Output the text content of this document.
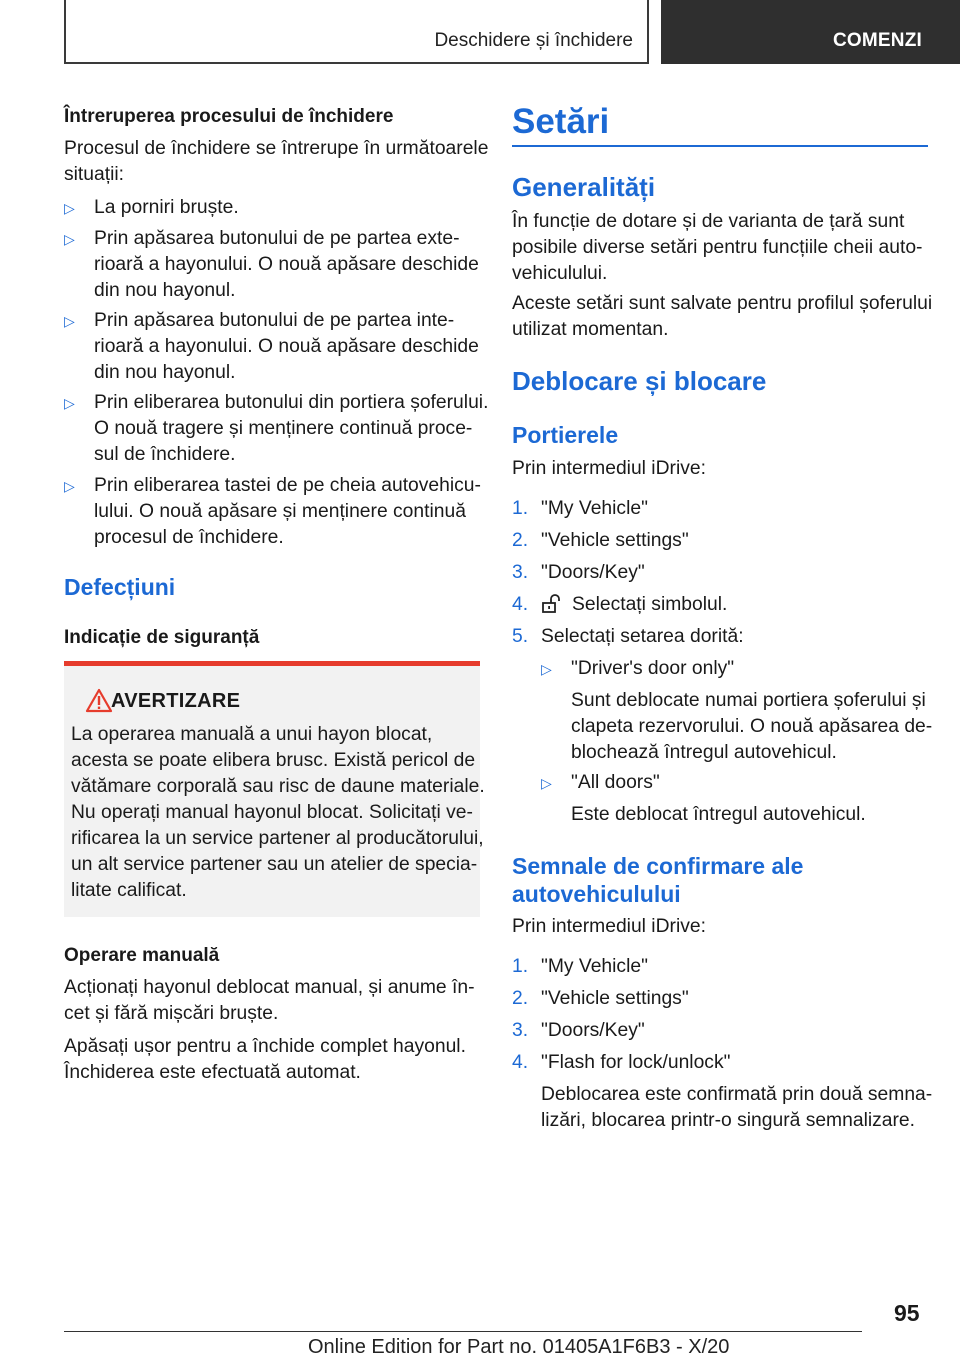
Deschidere și închidere	COMENZI
Întreruperea procesului de închidere

Procesul de închidere se întrerupe în următoarele

situații:

▷ La porniri bruște.
▷ Prin apăsarea butonului de pe partea exte-
rioară a hayonului. O nouă apăsare deschide
din nou hayonul.
▷ Prin apăsarea butonului de pe partea inte-
rioară a hayonului. O nouă apăsare deschide
din nou hayonul.
▷ Prin eliberarea butonului din portiera șoferului.
O nouă tragere și menținere continuă proce-
sul de închidere.
▷ Prin eliberarea tastei de pe cheia autovehicu-
lului. O nouă apăsare și menținere continuă
procesul de închidere.
Defecțiuni
Indicație de siguranță
Operare manuală

Acționați hayonul deblocat manual, și anume în-

cet și fără mișcări bruște.

Apăsați ușor pentru a închide complet hayonul.

Închiderea este efectuată automat.

AVERTIZARE
La operarea manuală a unui hayon blocat,
acesta se poate elibera brusc. Există pericol de
vătămare corporală sau risc de daune materiale.
Nu operați manual hayonul blocat. Solicitați ve-
rificarea la un service partener al producătorului,
un alt service partener sau un atelier de specia-
litate calificat.
Setări
Generalități

În funcție de dotare și de varianta de țară sunt

posibile diverse setări pentru funcțiile cheii auto-

vehiculului.

Aceste setări sunt salvate pentru profilul șoferului

utilizat momentan.

Deblocare și blocare
Portierele

Prin intermediul iDrive:

1. "My Vehicle"
2. "Vehicle settings"
3. "Doors/Key"
4. Selectați simbolul.
5. Selectați setarea dorită:
▷ "Driver's door only"
Sunt deblocate numai portiera șoferului și
clapeta rezervorului. O nouă apăsarea de-
blochează întregul autovehicul.
▷ "All doors"
Este deblocat întregul autovehicul.
Semnale de confirmare ale
autovehiculului

Prin intermediul iDrive:

1. "My Vehicle"
2. "Vehicle settings"
3. "Doors/Key"
4. "Flash for lock/unlock"

Deblocarea este confirmată prin două semna-

lizări, blocarea printr-o singură semnalizare.

95
Online Edition for Part no. 01405A1F6B3 - X/20
